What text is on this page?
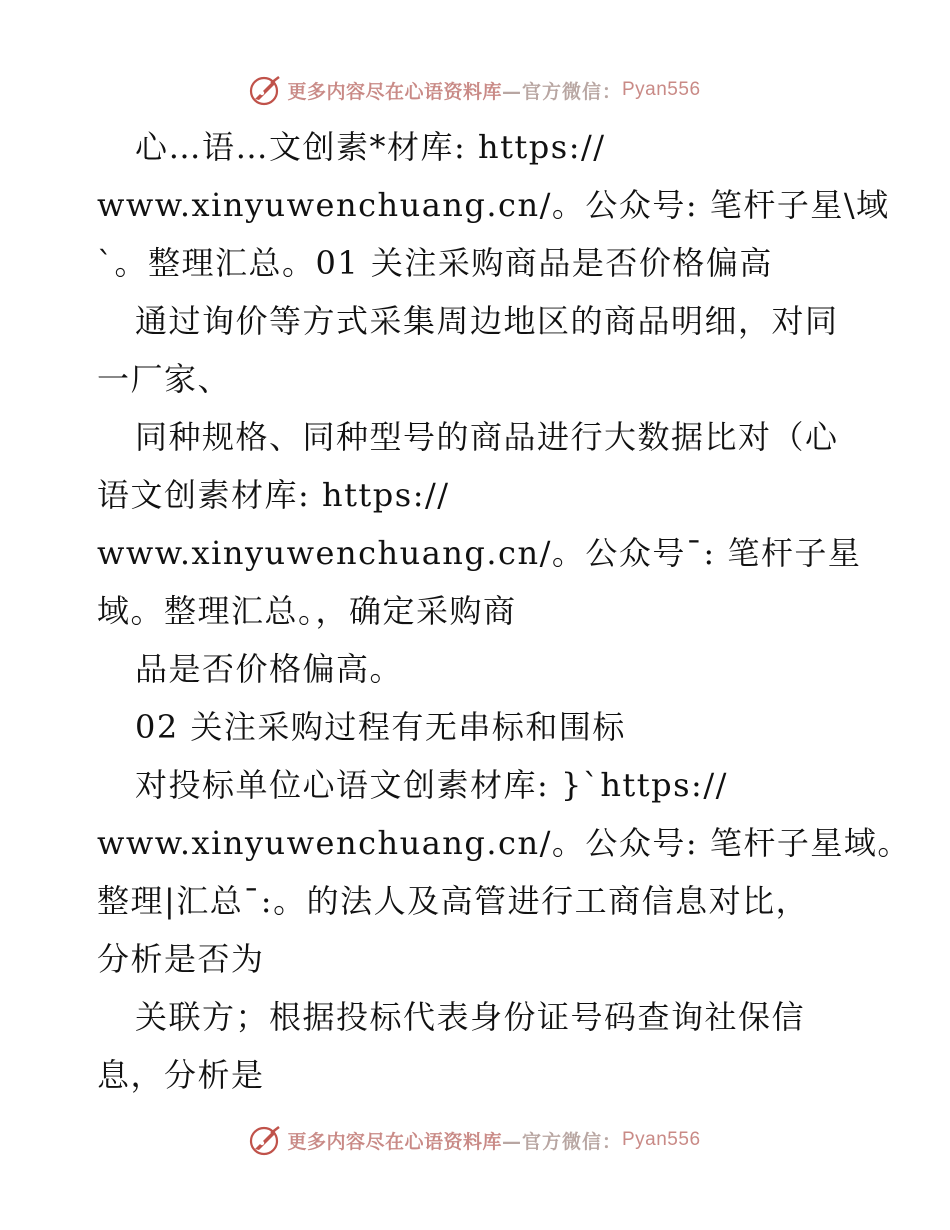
更多内容尽在心语资料库 —官方微信： Pyan556
心…语…文创素*材库: https://
www.xinyuwenchuang.cn/。公众号: 笔杆子星\域
`。整理汇总。01 关注采购商品是否价格偏高
通过询价等方式采集周边地区的商品明细，对同
一厂家、
同种规格、同种型号的商品进行大数据比对（心
语文创素材库: https://
www.xinyuwenchuang.cn/。公众号¯: 笔杆子星
域。整理汇总。，确定采购商
品是否价格偏高。
02 关注采购过程有无串标和围标
对投标单位心语文创素材库: }`https://
www.xinyuwenchuang.cn/。公众号: 笔杆子星域。
整理|汇总¯:。的法人及高管进行工商信息对比，
分析是否为
关联方；根据投标代表身份证号码查询社保信
息，分析是
更多内容尽在心语资料库 —官方微信： Pyan556
